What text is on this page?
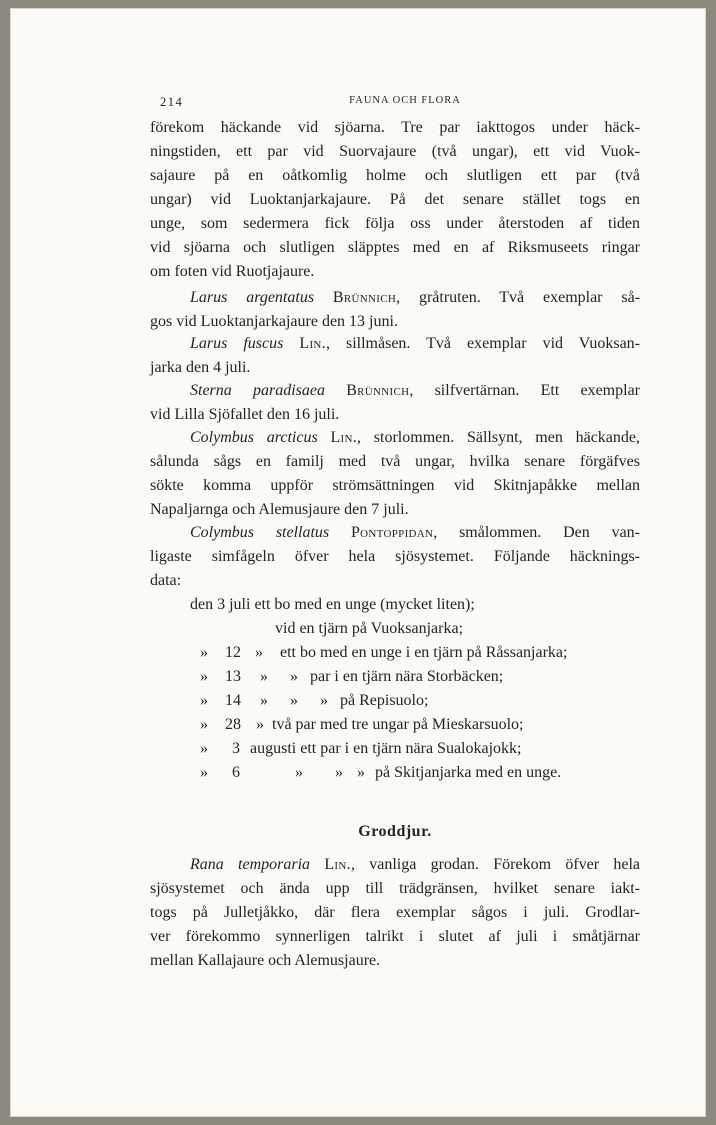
214	FAUNA OCH FLORA
förekom häckande vid sjöarna. Tre par iakttogos under häck-
ningstiden, ett par vid Suorvajaure (två ungar), ett vid Vuok-
sajaure på en oåtkomlig holme och slutligen ett par (två
ungar) vid Luoktanjarkajaure. På det senare stället togs en
unge, som sedermera fick följa oss under återstoden af tiden
vid sjöarna och slutligen släpptes med en af Riksmuseets ringar
om foten vid Ruotjajaure.
Larus argentatus Brünnich, gråtruten. Två exemplar så-
gos vid Luoktanjarkajaure den 13 juni.
Larus fuscus Lin., sillmåsen. Två exemplar vid Vuoksan-
jarka den 4 juli.
Sterna paradisaea Brünnich, silfvertärnan. Ett exemplar
vid Lilla Sjöfallet den 16 juli.
Colymbus arcticus Lin., storlommen. Sällsynt, men häckande,
sålunda sågs en familj med två ungar, hvilka senare förgäfves
sökte komma uppför strömsättningen vid Skitnjapåkke mellan
Napaljarnga och Alemusjaure den 7 juli.
Colymbus stellatus Pontoppidan, smålommen. Den van-
ligaste simfågeln öfver hela sjösystemet. Följande häcknings-
data:
den 3 juli ett bo med en unge (mycket liten);
vid en tjärn på Vuoksanjarka;
» 12 » ett bo med en unge i en tjärn på Råssanjarka;
» 13 » » par i en tjärn nära Storbäcken;
» 14 » » » på Repisuolo;
» 28 » två par med tre ungar på Mieskarsuolo;
» 3 augusti ett par i en tjärn nära Sualokajokk;
» 6	» » » på Skitjanjarka med en unge.
Groddjur.
Rana temporaria Lin., vanliga grodan. Förekom öfver hela
sjösystemet och ända upp till trädgränsen, hvilket senare iakt-
togs på Julletjåkko, där flera exemplar sågos i juli. Grodlar-
ver förekommo synnerligen talrikt i slutet af juli i småtjärnar
mellan Kallajaure och Alemusjaure.
